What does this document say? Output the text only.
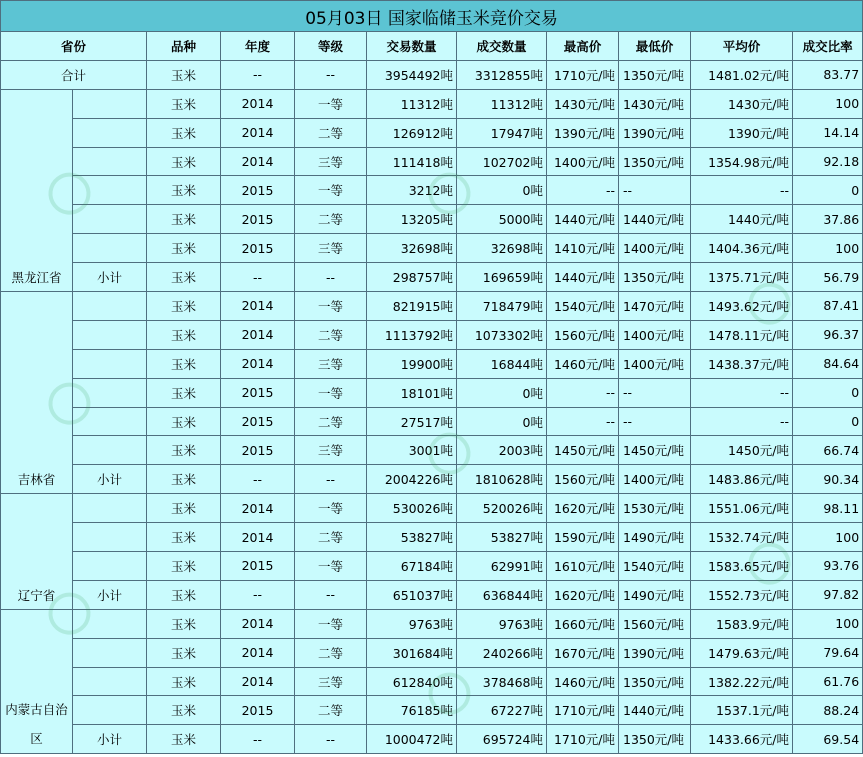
05月03日 国家临储玉米竞价交易										
省份		品种	年度	等级	交易数量	成交数量	最高价	最低价	平均价	成交比率
合计		玉米	--	--	3954492吨	3312855吨	1710元/吨	1350元/吨	1481.02元/吨	83.77
黑龙江省		玉米	2014	一等	11312吨	11312吨	1430元/吨	1430元/吨	1430元/吨	100
		玉米	2014	二等	126912吨	17947吨	1390元/吨	1390元/吨	1390元/吨	14.14
		玉米	2014	三等	111418吨	102702吨	1400元/吨	1350元/吨	1354.98元/吨	92.18
		玉米	2015	一等	3212吨	0吨	--	--	--	0
		玉米	2015	二等	13205吨	5000吨	1440元/吨	1440元/吨	1440元/吨	37.86
		玉米	2015	三等	32698吨	32698吨	1410元/吨	1400元/吨	1404.36元/吨	100
	小计	玉米	--	--	298757吨	169659吨	1440元/吨	1350元/吨	1375.71元/吨	56.79
吉林省		玉米	2014	一等	821915吨	718479吨	1540元/吨	1470元/吨	1493.62元/吨	87.41
		玉米	2014	二等	1113792吨	1073302吨	1560元/吨	1400元/吨	1478.11元/吨	96.37
		玉米	2014	三等	19900吨	16844吨	1460元/吨	1400元/吨	1438.37元/吨	84.64
		玉米	2015	一等	18101吨	0吨	--	--	--	0
		玉米	2015	二等	27517吨	0吨	--	--	--	0
		玉米	2015	三等	3001吨	2003吨	1450元/吨	1450元/吨	1450元/吨	66.74
	小计	玉米	--	--	2004226吨	1810628吨	1560元/吨	1400元/吨	1483.86元/吨	90.34
辽宁省		玉米	2014	一等	530026吨	520026吨	1620元/吨	1530元/吨	1551.06元/吨	98.11
		玉米	2014	二等	53827吨	53827吨	1590元/吨	1490元/吨	1532.74元/吨	100
		玉米	2015	一等	67184吨	62991吨	1610元/吨	1540元/吨	1583.65元/吨	93.76
	小计	玉米	--	--	651037吨	636844吨	1620元/吨	1490元/吨	1552.73元/吨	97.82
内蒙古自治区		玉米	2014	一等	9763吨	9763吨	1660元/吨	1560元/吨	1583.9元/吨	100
		玉米	2014	二等	301684吨	240266吨	1670元/吨	1390元/吨	1479.63元/吨	79.64
		玉米	2014	三等	612840吨	378468吨	1460元/吨	1350元/吨	1382.22元/吨	61.76
		玉米	2015	二等	76185吨	67227吨	1710元/吨	1440元/吨	1537.1元/吨	88.24
	小计	玉米	--	--	1000472吨	695724吨	1710元/吨	1350元/吨	1433.66元/吨	69.54
